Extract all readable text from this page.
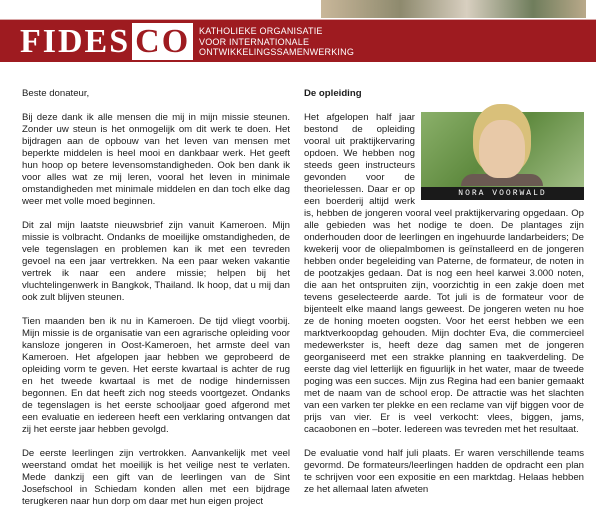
FIDES CO KATHOLIEKE ORGANISATIE
VOOR INTERNATIONALE
ONTWIKKELINGSSAMENWERKING
Beste donateur,

Bij deze dank ik alle mensen die mij in mijn missie steunen. Zonder uw steun is het onmogelijk om dit werk te doen. Het bijdragen aan de opbouw van het leven van mensen met beperkte middelen is heel mooi en dankbaar werk. Het geeft hun hoop op betere levensomstandigheden. Ook ben dank ik voor alles wat ze mij leren, vooral het leven in minimale omstandigheden met minimale middelen en dan toch elke dag weer met volle moed beginnen.

Dit zal mijn laatste nieuwsbrief zijn vanuit Kameroen. Mijn missie is volbracht. Ondanks de moeilijke omstandigheden, de vele tegenslagen en problemen kan ik met een tevreden gevoel na een jaar vertrekken. Na een paar weken vakantie vertrek ik naar een andere missie; helpen bij het vluchtelingenwerk in Bangkok, Thailand. Ik hoop, dat u mij dan ook zult blijven steunen.

Tien maanden ben ik nu in Kameroen. De tijd vliegt voorbij. Mijn missie is de organisatie van een agrarische opleiding voor kansloze jongeren in Oost-Kameroen, het armste deel van Kameroen. Het afgelopen jaar hebben we geprobeerd de opleiding vorm te geven. Het eerste kwartaal is achter de rug en het tweede kwartaal is met de nodige hindernissen begonnen. En dat heeft zich nog steeds voortgezet. Ondanks de tegenslagen is het eerste schooljaar goed afgerond met een evaluatie en iedereen heeft een verklaring ontvangen dat zij het eerste jaar hebben gevolgd.

De eerste leerlingen zijn vertrokken. Aanvankelijk met veel weerstand omdat het moeilijk is het veilige nest te verlaten. Mede dankzij een gift van de leerlingen van de Sint Josefschool in Schiedam konden allen met een bijdrage terugkeren naar hun dorp om daar met hun eigen project

De opleiding
NORA VOORWALD

Het afgelopen half jaar bestond de opleiding vooral uit praktijkervaring opdoen. We hebben nog steeds geen instructeurs gevonden voor de theorielessen. Daar er op een boerderij altijd werk is, hebben de jongeren vooral veel praktijkervaring opgedaan. Op alle gebieden was het nodige te doen. De plantages zijn onderhouden door de leerlingen en ingehuurde landarbeiders; De kwekerij voor de oliepalmbomen is geïnstalleerd en de jongeren hebben onder begeleiding van Paterne, de formateur, de noten in de pootzakjes gedaan. Dat is nog een heel karwei 3.000 noten, die aan het ontspruiten zijn, voorzichtig in een zakje doen met tevens geselecteerde aarde. Tot juli is de formateur voor de bijenteelt elke maand langs geweest. De jongeren weten nu hoe ze de honing moeten oogsten. Voor het eerst hebben we een marktverkoopdag gehouden. Mijn dochter Eva, die commercieel medewerkster is, heeft deze dag samen met de jongeren georganiseerd met een strakke planning en taakverdeling. De eerste dag viel letterlijk en figuurlijk in het water, maar de tweede poging was een succes. Mijn zus Regina had een banier gemaakt met de naam van de school erop. De attractie was het slachten van een varken ter plekke en een reclame van vijf biggen voor de prijs van vier. Er is veel verkocht: vlees, biggen, jams, cacaobonen en –boter. Iedereen was tevreden met het resultaat.

De evaluatie vond half juli plaats. Er waren verschillende teams gevormd. De formateurs/leerlingen hadden de opdracht een plan te schrijven voor een expositie en een marktdag. Helaas hebben ze het allemaal laten afweten
